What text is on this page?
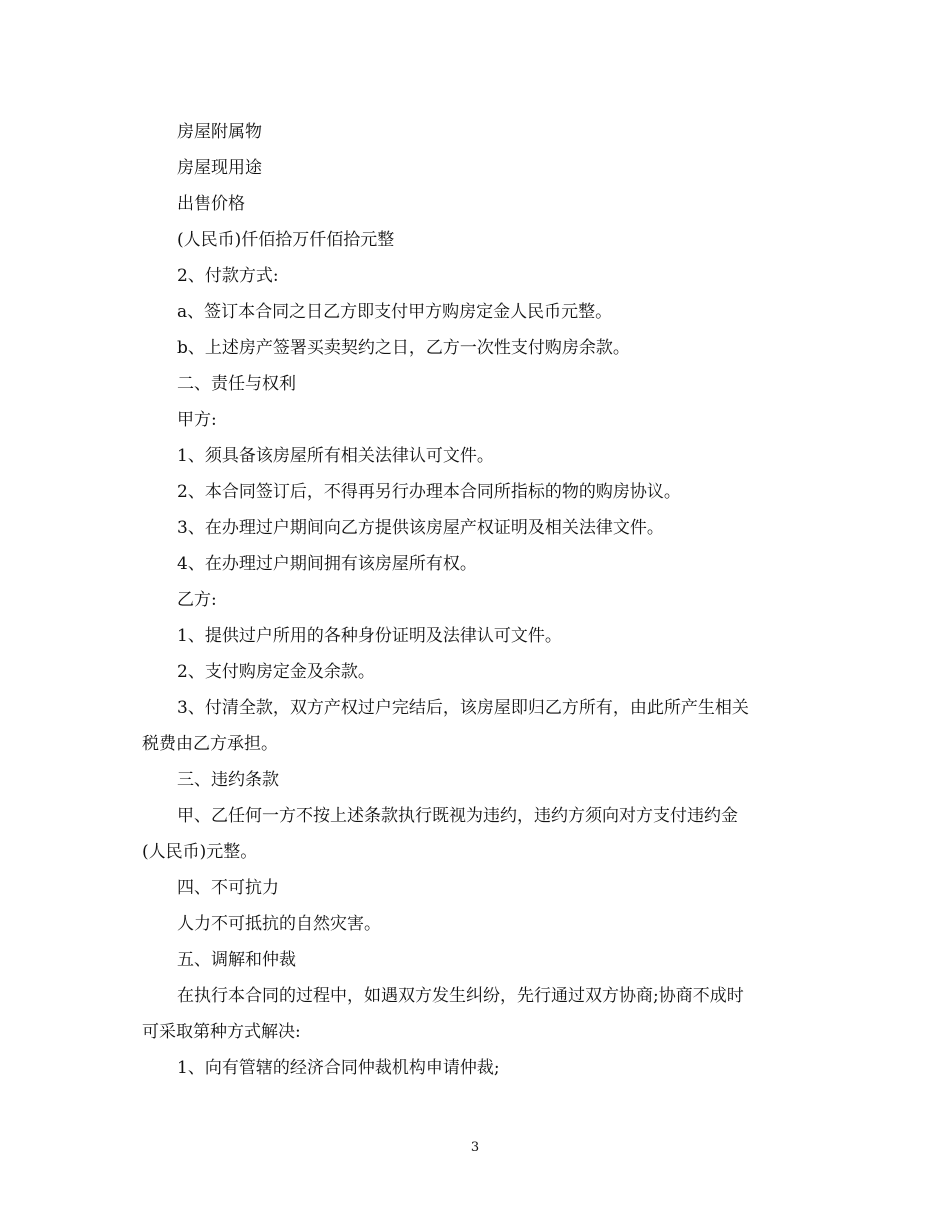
房屋附属物

房屋现用途

出售价格

(人民币)仟佰拾万仟佰拾元整

2、付款方式:

a、签订本合同之日乙方即支付甲方购房定金人民币元整。

b、上述房产签署买卖契约之日，乙方一次性支付购房余款。

二、责任与权利

甲方:

1、须具备该房屋所有相关法律认可文件。

2、本合同签订后，不得再另行办理本合同所指标的物的购房协议。

3、在办理过户期间向乙方提供该房屋产权证明及相关法律文件。

4、在办理过户期间拥有该房屋所有权。

乙方:

1、提供过户所用的各种身份证明及法律认可文件。

2、支付购房定金及余款。

3、付清全款，双方产权过户完结后，该房屋即归乙方所有，由此所产生相关

税费由乙方承担。

三、违约条款

甲、乙任何一方不按上述条款执行既视为违约，违约方须向对方支付违约金

(人民币)元整。

四、不可抗力

人力不可抵抗的自然灾害。

五、调解和仲裁

在执行本合同的过程中，如遇双方发生纠纷，先行通过双方协商;协商不成时

可采取第种方式解决:

1、向有管辖的经济合同仲裁机构申请仲裁;

3
